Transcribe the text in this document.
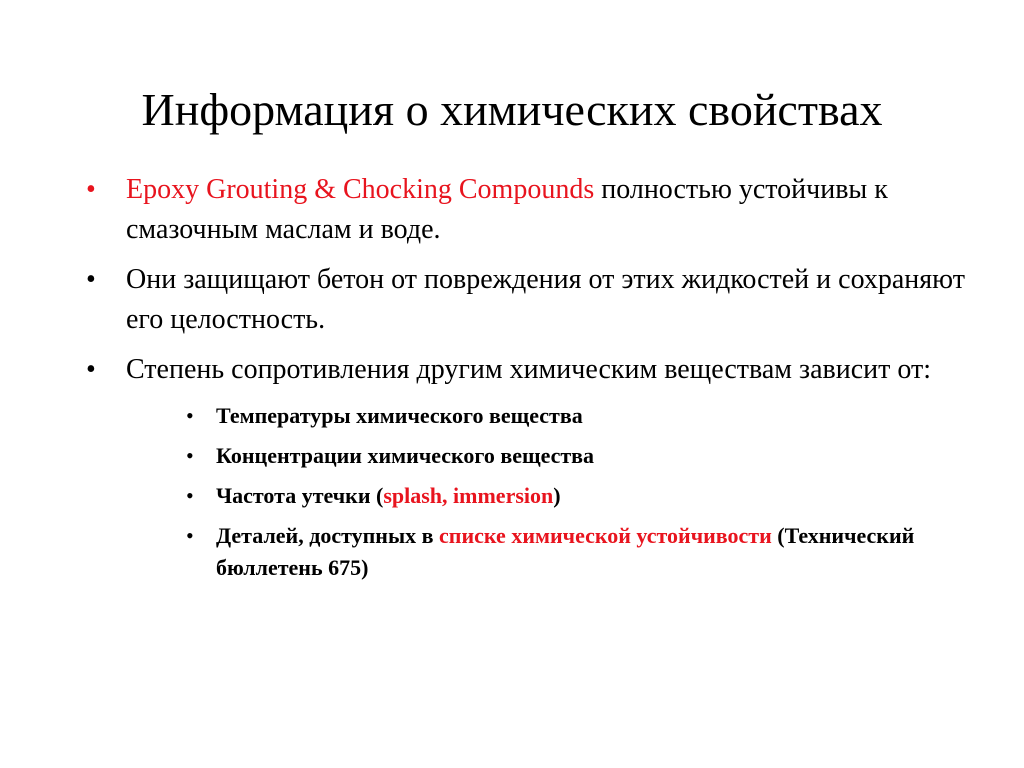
Информация о химических свойствах
•	Epoxy Grouting & Chocking Compounds полностью устойчивы к смазочным маслам и воде.
•	Они защищают бетон от повреждения от этих жидкостей и сохраняют его целостность.
•	Степень сопротивления другим химическим веществам зависит от:
•	Температуры химического вещества
•	Концентрации химического вещества
•	Частота утечки (splash, immersion)
•	Деталей, доступных в списке химической устойчивости (Технический бюллетень 675)
